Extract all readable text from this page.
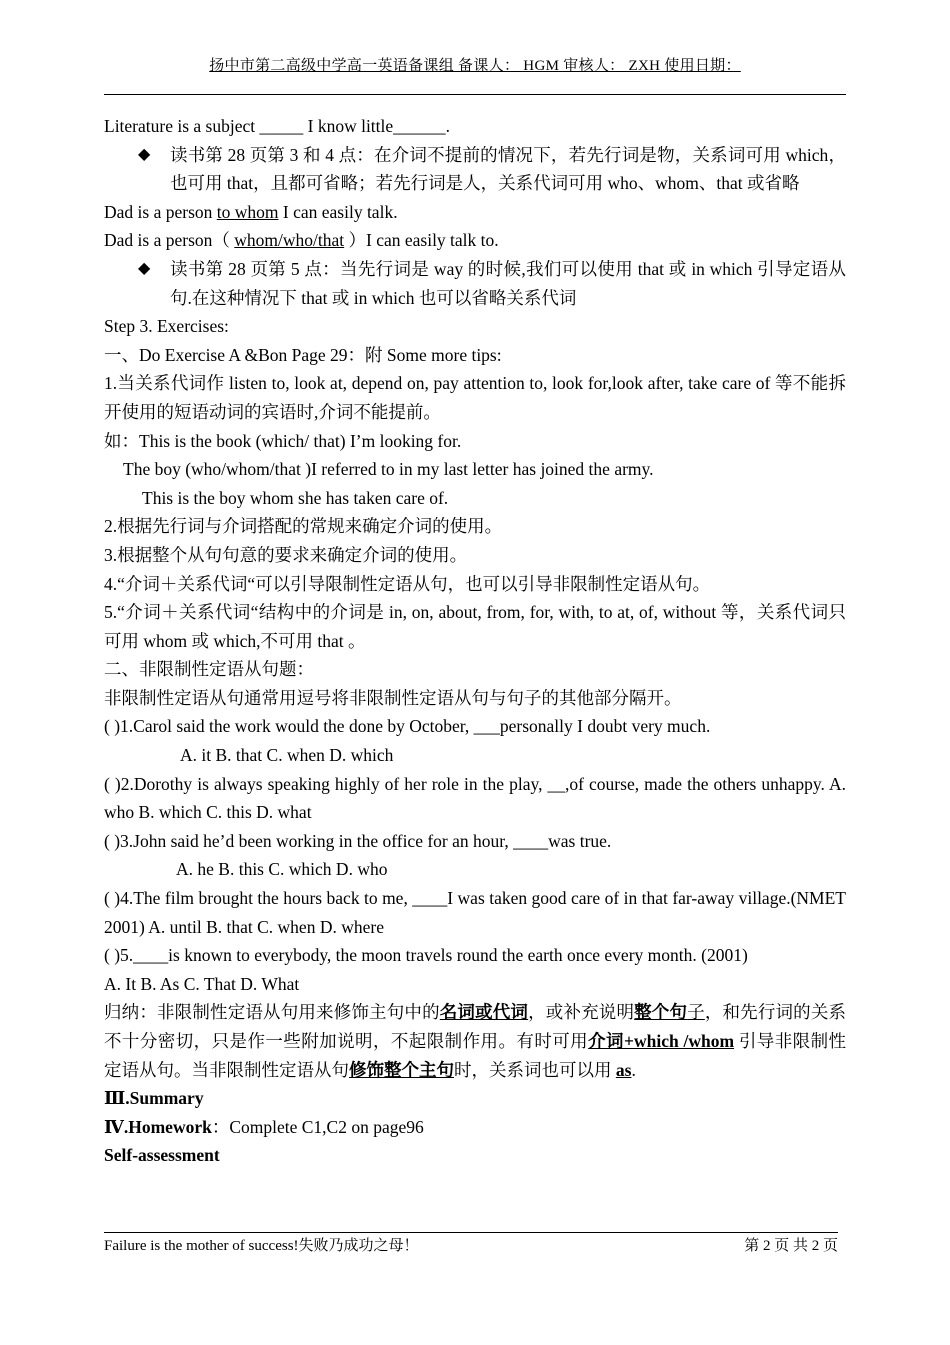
扬中市第二高级中学高一英语备课组 备课人： HGM 审核人： ZXH 使用日期：

Literature is a subject _____ I know little______.

◆	读书第 28 页第 3 和 4 点：在介词不提前的情况下，若先行词是物，关系词可用 which，也可用 that，且都可省略；若先行词是人，关系代词可用 who、whom、that 或省略

Dad is a person to whom I can easily talk.

Dad is a person（ whom/who/that ）I can easily talk to.

◆	读书第 28 页第 5 点：当先行词是 way 的时候,我们可以使用 that 或 in which 引导定语从句.在这种情况下 that 或 in which 也可以省略关系代词

Step 3. Exercises:

一、Do Exercise A &Bon Page 29：附 Some more tips:

1.当关系代词作 listen to, look at, depend on, pay attention to, look for,look after, take care of 等不能拆开使用的短语动词的宾语时,介词不能提前。

如：This is the book (which/ that) I’m looking for.

The boy (who/whom/that )I referred to in my last letter has joined the army.

This is the boy whom she has taken care of.

2.根据先行词与介词搭配的常规来确定介词的使用。

3.根据整个从句句意的要求来确定介词的使用。

4.“介词＋关系代词“可以引导限制性定语从句，也可以引导非限制性定语从句。

5.“介词＋关系代词“结构中的介词是 in, on, about, from, for, with, to at, of, without 等，关系代词只可用 whom 或 which,不可用 that 。

二、非限制性定语从句题：

非限制性定语从句通常用逗号将非限制性定语从句与句子的其他部分隔开。

( )1.Carol said the work would the done by October, ___personally I doubt very much.

A. it B. that C. when D. which

( )2.Dorothy is always speaking highly of her role in the play, __,of course, made the others unhappy. A. who B. which C. this D. what

( )3.John said he’d been working in the office for an hour, ____was true.

A. he B. this C. which D. who

( )4.The film brought the hours back to me, ____I was taken good care of in that far-away village.(NMET 2001) A. until B. that C. when D. where

( )5.____is known to everybody, the moon travels round the earth once every month. (2001)

A. It B. As C. That D. What

归纳：非限制性定语从句用来修饰主句中的名词或代词，或补充说明整个句子，和先行词的关系不十分密切，只是作一些附加说明，不起限制作用。有时可用介词+which /whom 引导非限制性定语从句。当非限制性定语从句修饰整个主句时，关系词也可以用 as.

Ⅲ.Summary

Ⅳ.Homework：Complete C1,C2 on page96

Self-assessment

Failure is the mother of success!失败乃成功之母！	第 2 页 共 2 页
